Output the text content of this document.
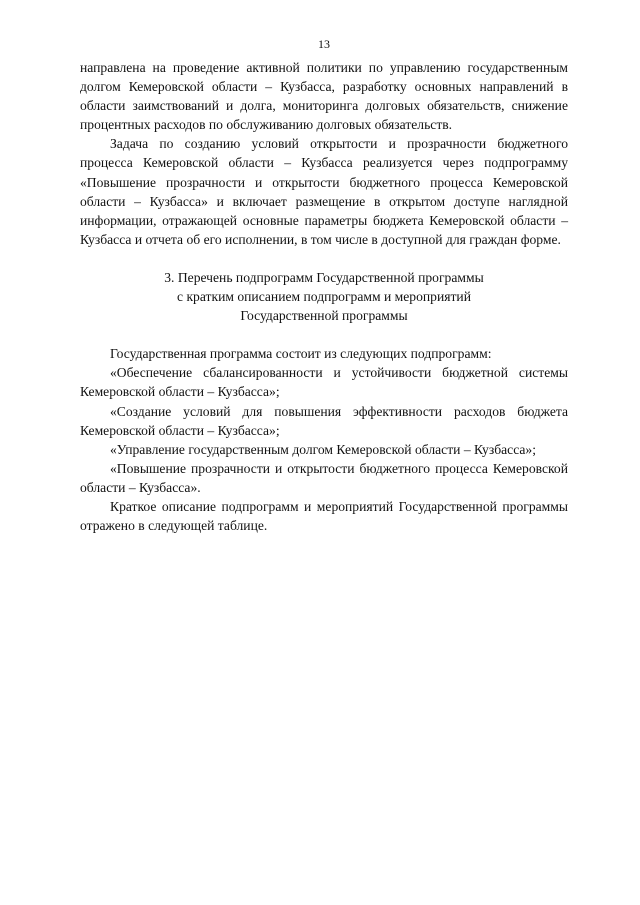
13

направлена на проведение активной политики по управлению государственным долгом Кемеровской области – Кузбасса, разработку основных направлений в области заимствований и долга, мониторинга долговых обязательств, снижение процентных расходов по обслуживанию долговых обязательств.

Задача по созданию условий открытости и прозрачности бюджетного процесса Кемеровской области – Кузбасса реализуется через подпрограмму «Повышение прозрачности и открытости бюджетного процесса Кемеровской области – Кузбасса» и включает размещение в открытом доступе наглядной информации, отражающей основные параметры бюджета Кемеровской области – Кузбасса и отчета об его исполнении, в том числе в доступной для граждан форме.

3. Перечень подпрограмм Государственной программы
с кратким описанием подпрограмм и мероприятий
Государственной программы

Государственная программа состоит из следующих подпрограмм:

«Обеспечение сбалансированности и устойчивости бюджетной системы Кемеровской области – Кузбасса»;

«Создание условий для повышения эффективности расходов бюджета Кемеровской области – Кузбасса»;

«Управление государственным долгом Кемеровской области – Кузбасса»;

«Повышение прозрачности и открытости бюджетного процесса Кемеровской области – Кузбасса».

Краткое описание подпрограмм и мероприятий Государственной программы отражено в следующей таблице.
